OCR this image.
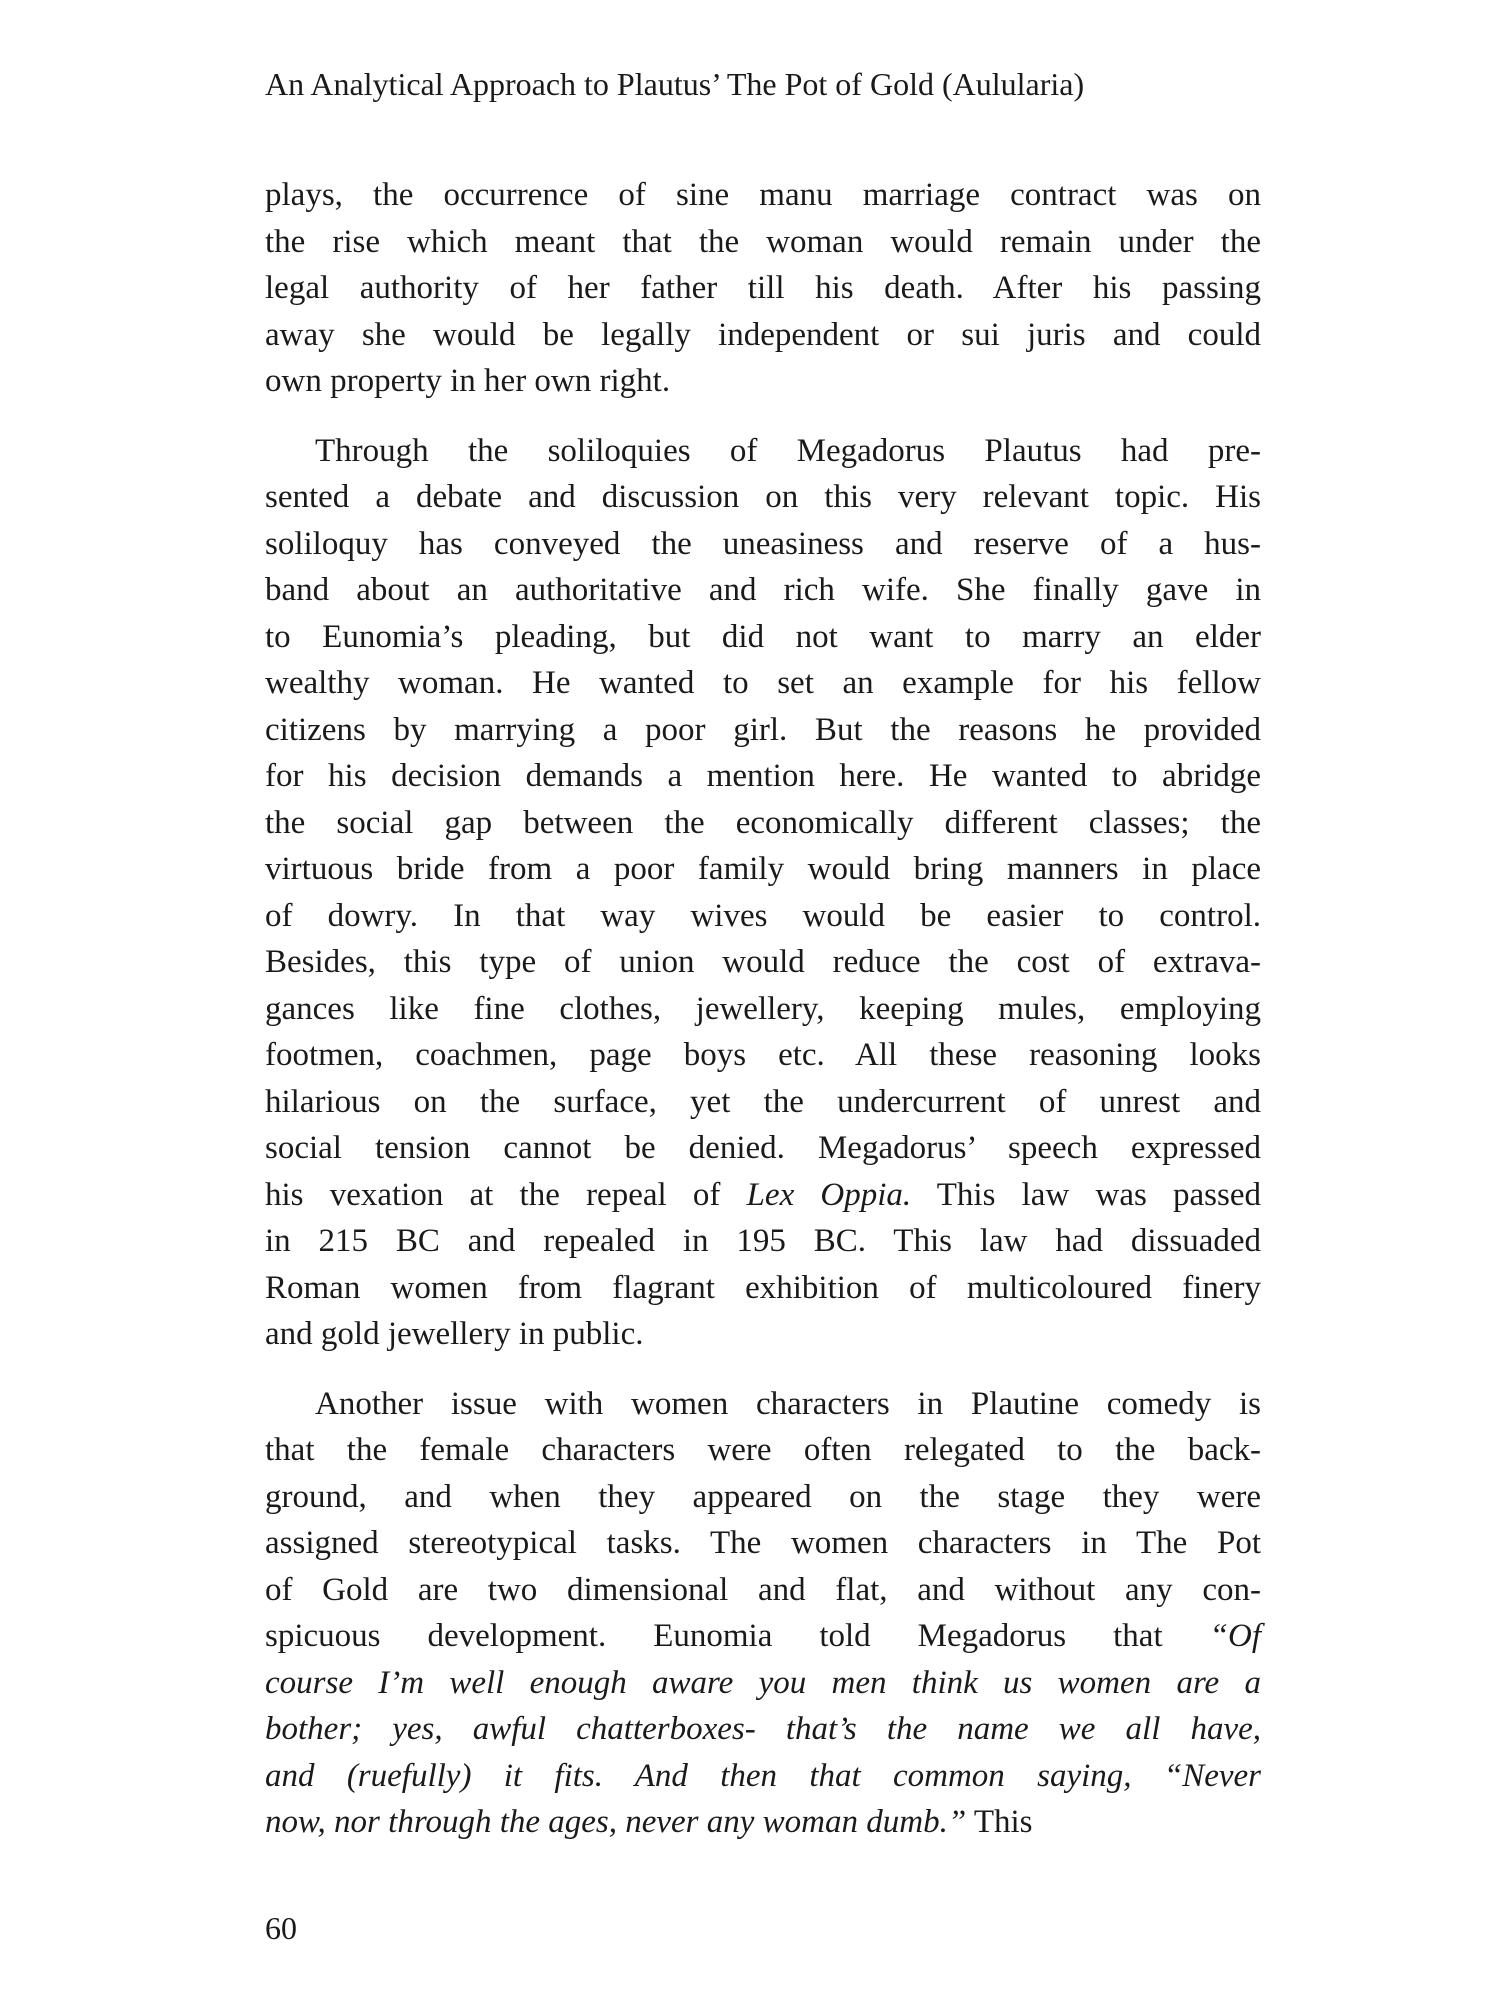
An Analytical Approach to Plautus’ The Pot of Gold (Aulularia)
plays, the occurrence of sine manu marriage contract was on
the rise which meant that the woman would remain under the
legal authority of her father till his death. After his passing
away she would be legally independent or sui juris and could
own property in her own right.
Through the soliloquies of Megadorus Plautus had pre-
sented a debate and discussion on this very relevant topic. His
soliloquy has conveyed the uneasiness and reserve of a hus-
band about an authoritative and rich wife. She finally gave in
to Eunomia’s pleading, but did not want to marry an elder
wealthy woman. He wanted to set an example for his fellow
citizens by marrying a poor girl. But the reasons he provided
for his decision demands a mention here. He wanted to abridge
the social gap between the economically different classes; the
virtuous bride from a poor family would bring manners in place
of dowry. In that way wives would be easier to control.
Besides, this type of union would reduce the cost of extrava-
gances like fine clothes, jewellery, keeping mules, employing
footmen, coachmen, page boys etc. All these reasoning looks
hilarious on the surface, yet the undercurrent of unrest and
social tension cannot be denied. Megadorus’ speech expressed
his vexation at the repeal of Lex Oppia. This law was passed
in 215 BC and repealed in 195 BC. This law had dissuaded
Roman women from flagrant exhibition of multicoloured finery
and gold jewellery in public.
Another issue with women characters in Plautine comedy is
that the female characters were often relegated to the back-
ground, and when they appeared on the stage they were
assigned stereotypical tasks. The women characters in The Pot
of Gold are two dimensional and flat, and without any con-
spicuous development. Eunomia told Megadorus that “Of
course I’m well enough aware you men think us women are a
bother; yes, awful chatterboxes- that’s the name we all have,
and (ruefully) it fits. And then that common saying, “Never
now, nor through the ages, never any woman dumb.” This
60
